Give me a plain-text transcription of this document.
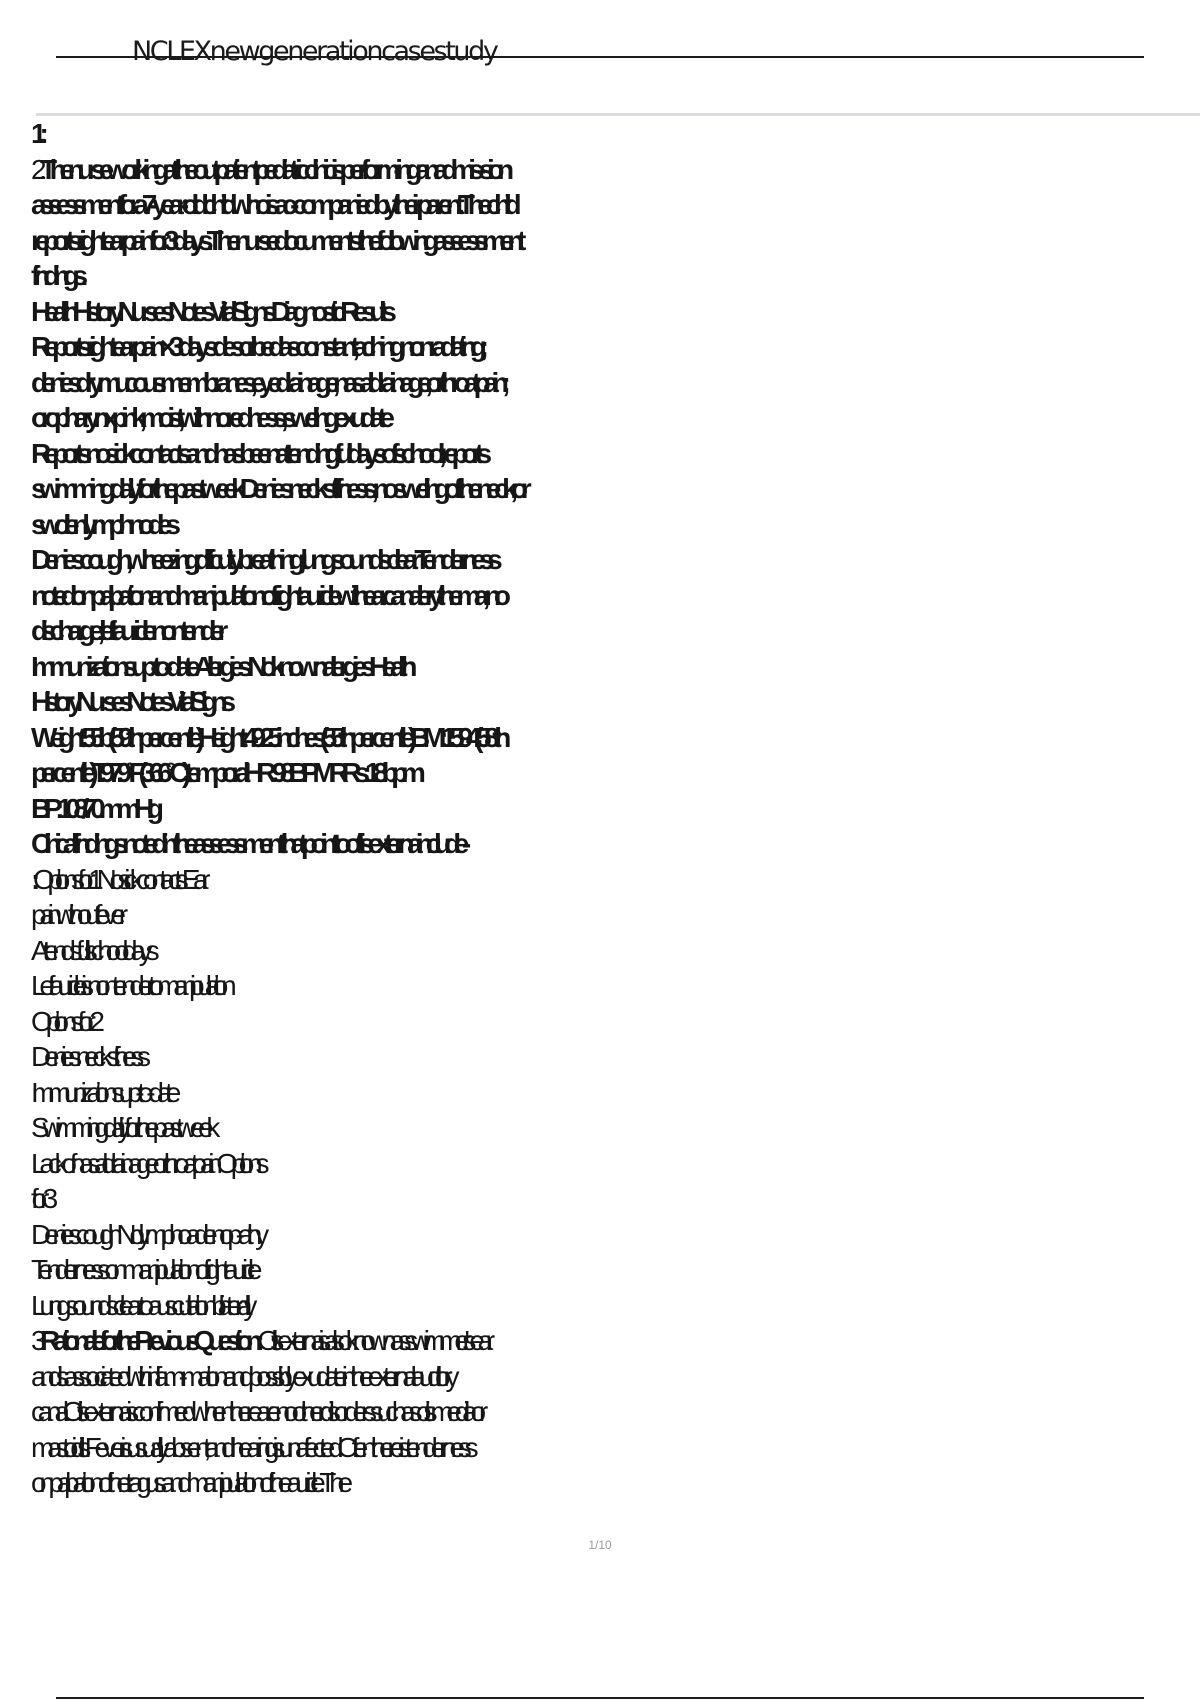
NCLEXnewgenerationcasestudy
1.:
2. Thenurseworkingattheoutpatientpediatricclinicisperform-inganadmis-sion
assessment for a 7-year-old child who is ac-companied by their parent. The child
reportsrightearpainfor3days.Thenursedocumentsthefollowing assessment
findings.
Health History Nurses' Notes Vital Signs Diagnostic Results
Reports right ear pain × 3 days described as constant,aching,nonradiating;
deniesdrymucousmembranes,eyedrainage,nasaldrainage,orthroatpain;
oropharynx pink, moist, with no redness, swelling, exudate
Reportsnosickcontactsandhasbeenattendingfulldaysofschool;reports
swimming daily for the past week Denies neck stiffness;no swelling of the neck, or
swollen lymph nodes
Denies cough, wheezing, difficulty breathing; lung sounds clearTenderness
notedonpalpationandmanipulationofrightauriclewithearcanalerythema; no
discharge; left auricle nontender
Immunizationsup-to-dateAllergies:Noknownallergies Health
History Nurses' Notes Vital Signs
Weight:55lb(59thpercentile)Height:49.25inches(55thpercentile)BMI:15.94(58th
percentile)T:97.9°F (36.6°C) temporal HR: 98 BPM RRs: 18 bpm
BP:108/70 mm Hg
Clinical findings noted in the assessment that point to otitis externa include-
:Optionsfor1 Nosickcontacts Ear
pain without fever
Attends full school days
Leftauricleisnontendertomanipulation
Options for 2
Denies neck stiffness
Immunizations up-to-date
Swimmingdailyforthepastweek
Lackofnasaldrainageorthroatpain Options
for 3
Denies cough No lymphoadenop-athy
Tenderness on manipulation of right auricle
Lung sounds clear to auscultation bilaterally
3. RationaleforthePreviousQuestion:Otitisexternaisalsoknownasswimmer's ear
and is associated with inflam-mation and possibly exudate in the external auditory
canal.Otitisexternaisconfirmedwhentherearenootherdisorderssuchas otitismediaor
mastoiditis.Feverisusuallyabsent,andhearingisunaffected.Often there is tenderness
on palpation of the tragus and manipulation of the auricle. The
1/10
